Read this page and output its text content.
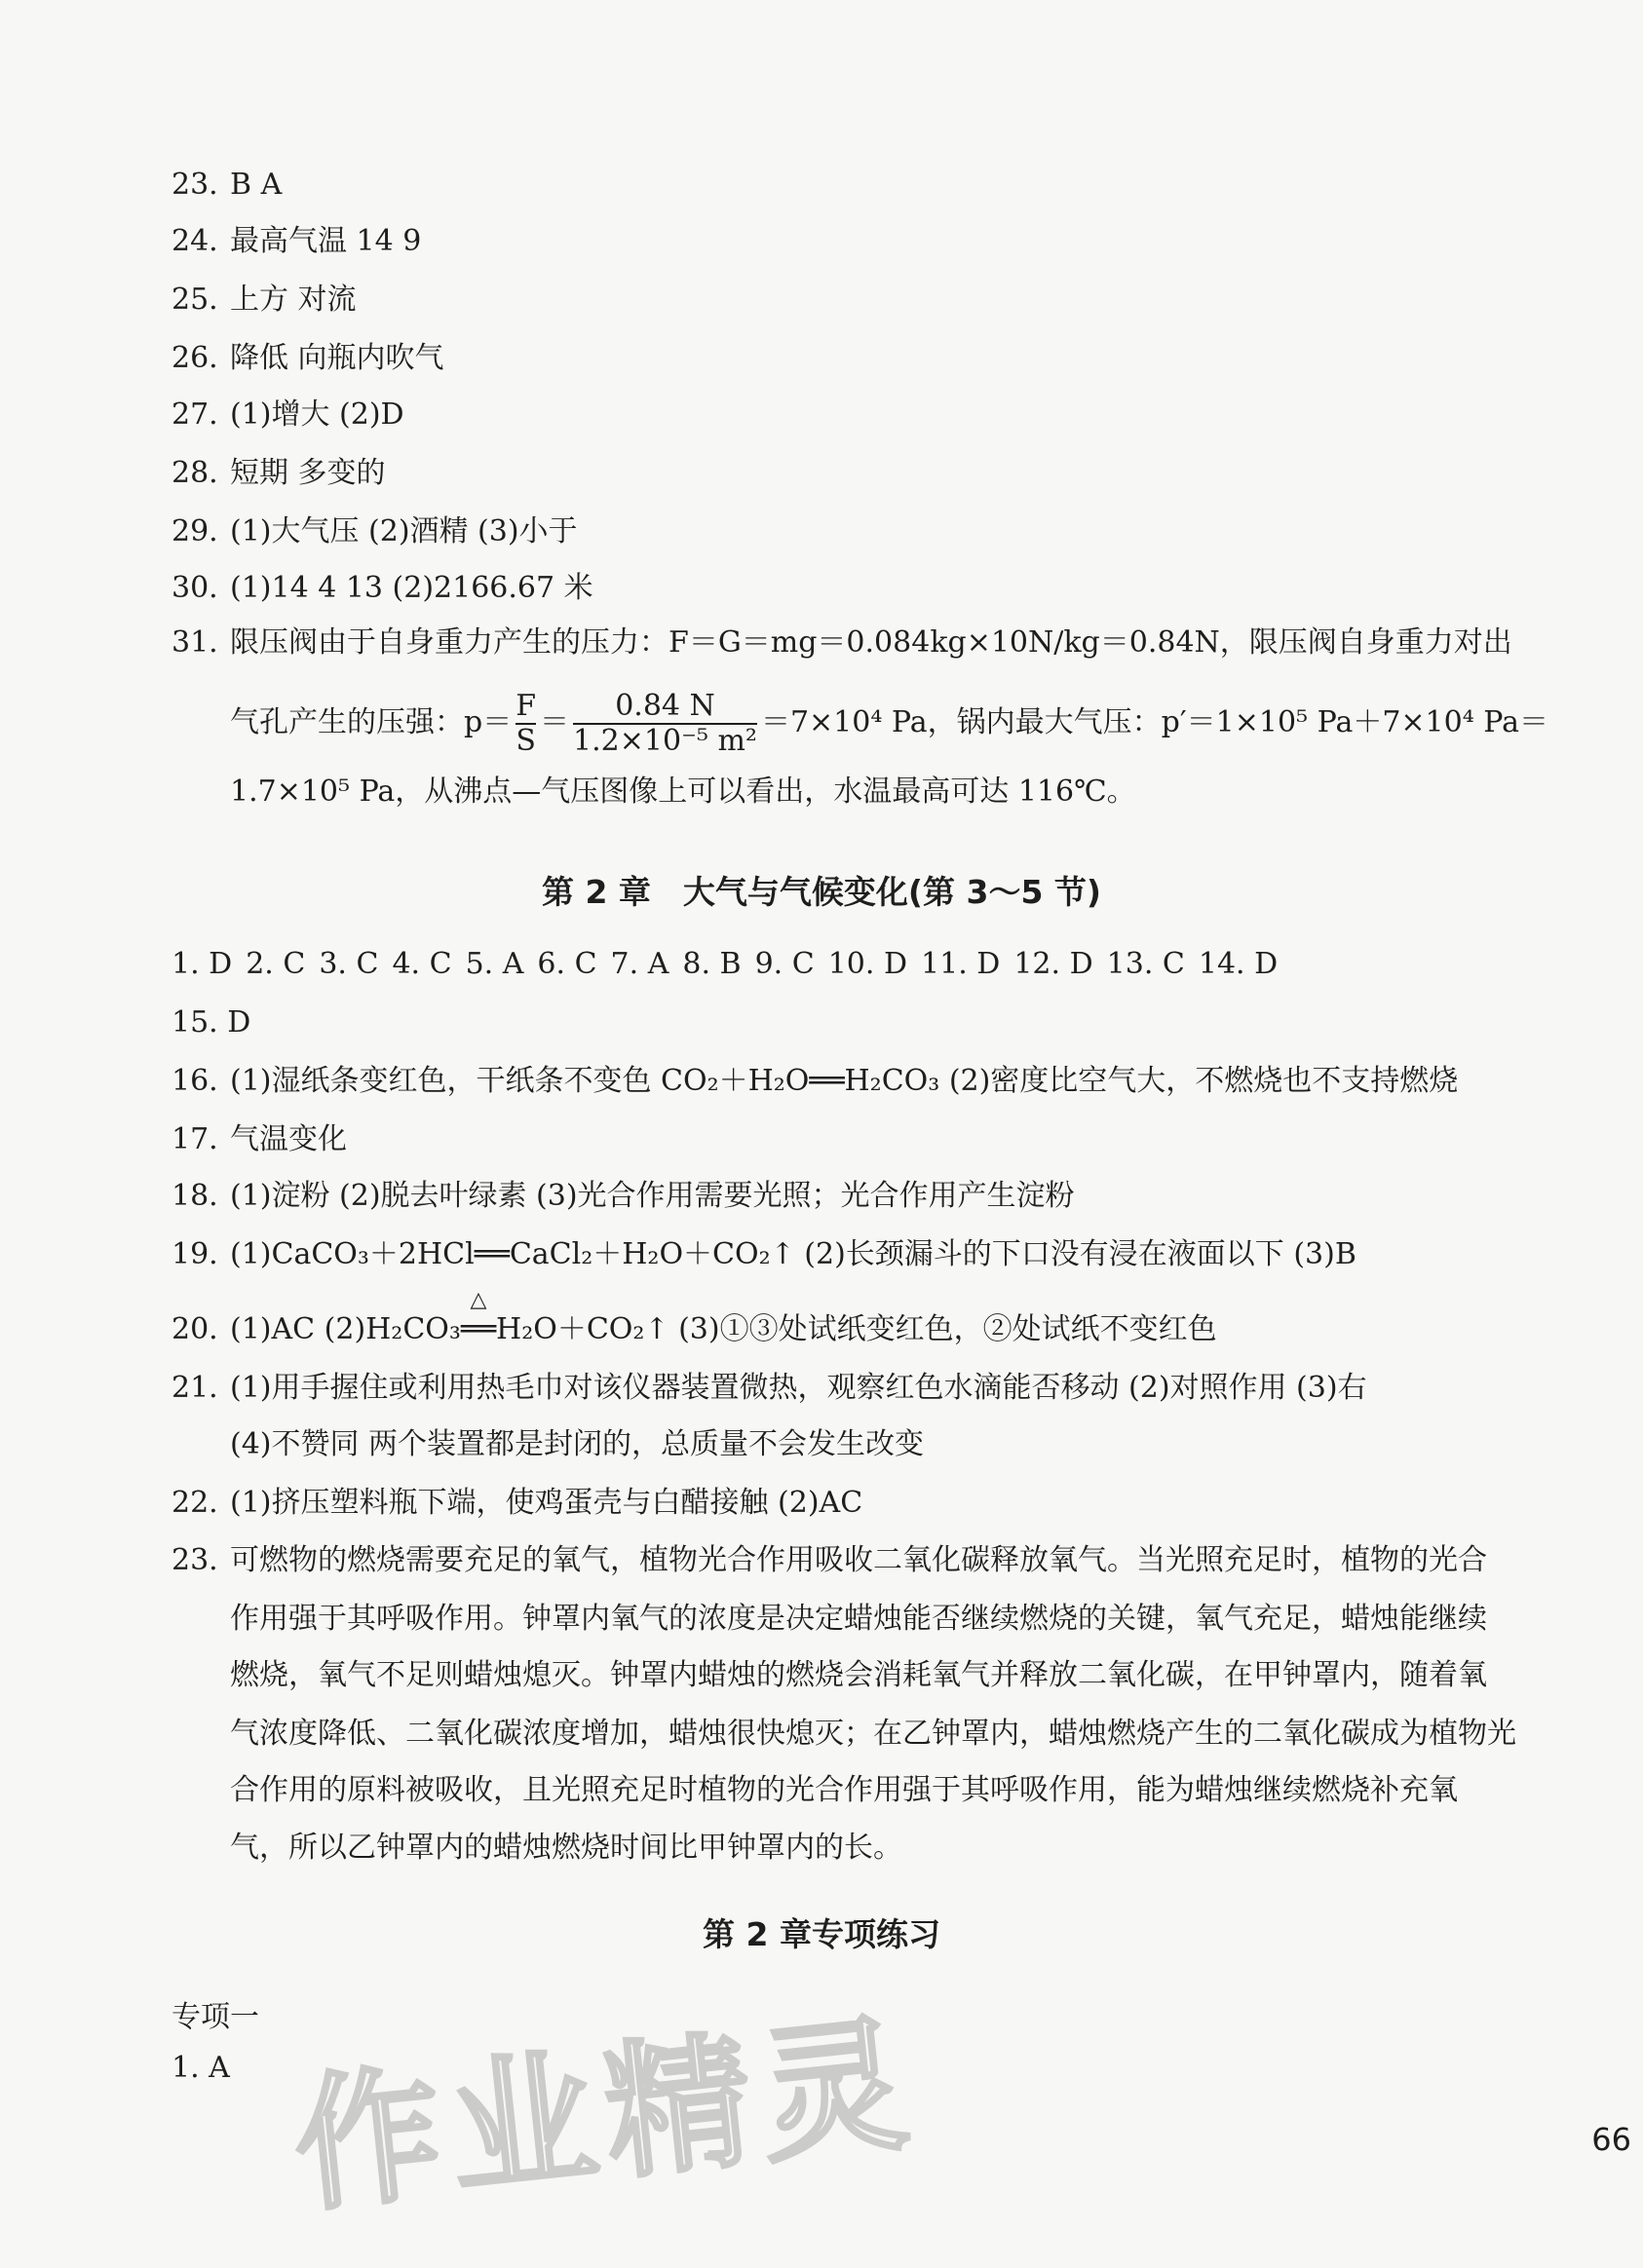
23. B A
24. 最高气温 14 9
25. 上方 对流
26. 降低 向瓶内吹气
27. (1)增大 (2)D
28. 短期 多变的
29. (1)大气压 (2)酒精 (3)小于
30. (1)14 4 13 (2)2166.67 米
31. 限压阀由于自身重力产生的压力：F＝G＝mg＝0.084kg×10N/kg＝0.84N，限压阀自身重力对出
气孔产生的压强：$p= \frac{F}{S} = \frac{0.84 N}{\text{1.2×10⁻⁵ m²}} =7\times 10^4$ Pa，锅内最大气压：p′＝1×10⁵ Pa＋7×10⁴ Pa＝
1.7×10⁵ Pa，从沸点—气压图像上可以看出，水温最高可达 116℃。
第 2 章　大气与气候变化(第 3～5 节)
1. D 2. C 3. C 4. C 5. A 6. C 7. A 8. B 9. C 10. D 11. D 12. D 13. C 14. D
15. D
16. (1)湿纸条变红色，干纸条不变色 CO₂＋H₂O══H₂CO₃ (2)密度比空气大，不燃烧也不支持燃烧
17. 气温变化
18. (1)淀粉 (2)脱去叶绿素 (3)光合作用需要光照；光合作用产生淀粉
19. (1)CaCO₃＋2HCl══CaCl₂＋H₂O＋CO₂↑ (2)长颈漏斗的下口没有浸在液面以下 (3)B
20. (1)AC (2)H₂CO₃
△
══H₂O＋CO₂↑ (3)①③处试纸变红色，②处试纸不变红色
21. (1)用手握住或利用热毛巾对该仪器装置微热，观察红色水滴能否移动 (2)对照作用 (3)右
(4)不赞同 两个装置都是封闭的，总质量不会发生改变
22. (1)挤压塑料瓶下端，使鸡蛋壳与白醋接触 (2)AC
23. 可燃物的燃烧需要充足的氧气，植物光合作用吸收二氧化碳释放氧气。当光照充足时，植物的光合
作用强于其呼吸作用。钟罩内氧气的浓度是决定蜡烛能否继续燃烧的关键，氧气充足，蜡烛能继续
燃烧，氧气不足则蜡烛熄灭。钟罩内蜡烛的燃烧会消耗氧气并释放二氧化碳，在甲钟罩内，随着氧
气浓度降低、二氧化碳浓度增加，蜡烛很快熄灭；在乙钟罩内，蜡烛燃烧产生的二氧化碳成为植物光
合作用的原料被吸收，且光照充足时植物的光合作用强于其呼吸作用，能为蜡烛继续燃烧补充氧
气，所以乙钟罩内的蜡烛燃烧时间比甲钟罩内的长。
第 2 章专项练习
专项一
1. A 作业精灵	66
